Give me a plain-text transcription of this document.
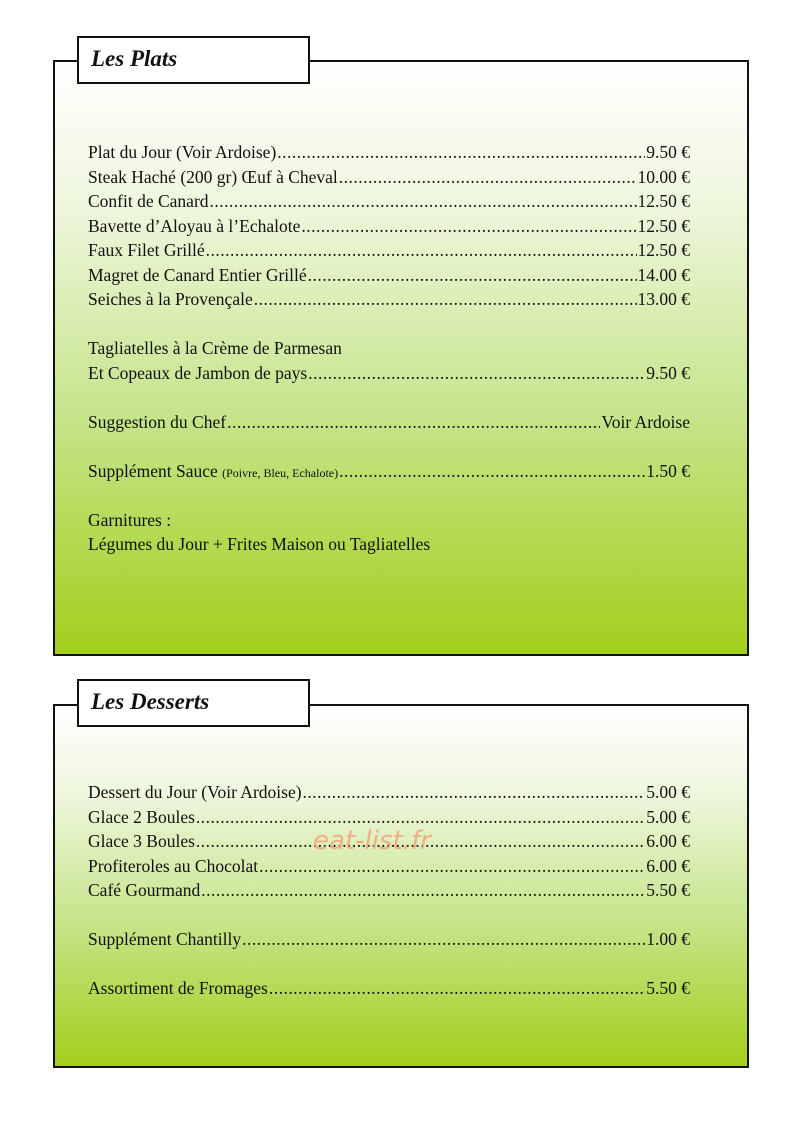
Les Plats
Plat du Jour (Voir Ardoise) .....	9.50 €
Steak Haché (200 gr) Œuf à Cheval .....	10.00 €
Confit de Canard .....	12.50 €
Bavette d’Aloyau à l’Echalote .....	12.50 €
Faux Filet Grillé .....	12.50 €
Magret de Canard Entier Grillé .....	14.00 €
Seiches à la Provençale .....	13.00 €
Tagliatelles à la Crème de Parmesan
Et Copeaux de Jambon de pays .....	9.50 €
Suggestion du Chef .....	Voir Ardoise
Supplément Sauce (Poivre, Bleu, Echalote) .....	1.50 €
Garnitures :
Légumes du Jour + Frites Maison ou Tagliatelles
Les Desserts
Dessert du Jour (Voir Ardoise) .....	5.00 €
Glace 2 Boules .....	5.00 €
Glace 3 Boules .....	6.00 €
Profiteroles au Chocolat .....	6.00 €
Café Gourmand .....	5.50 €
Supplément Chantilly .....	1.00 €
Assortiment de Fromages .....	5.50 €
eat-list.fr
